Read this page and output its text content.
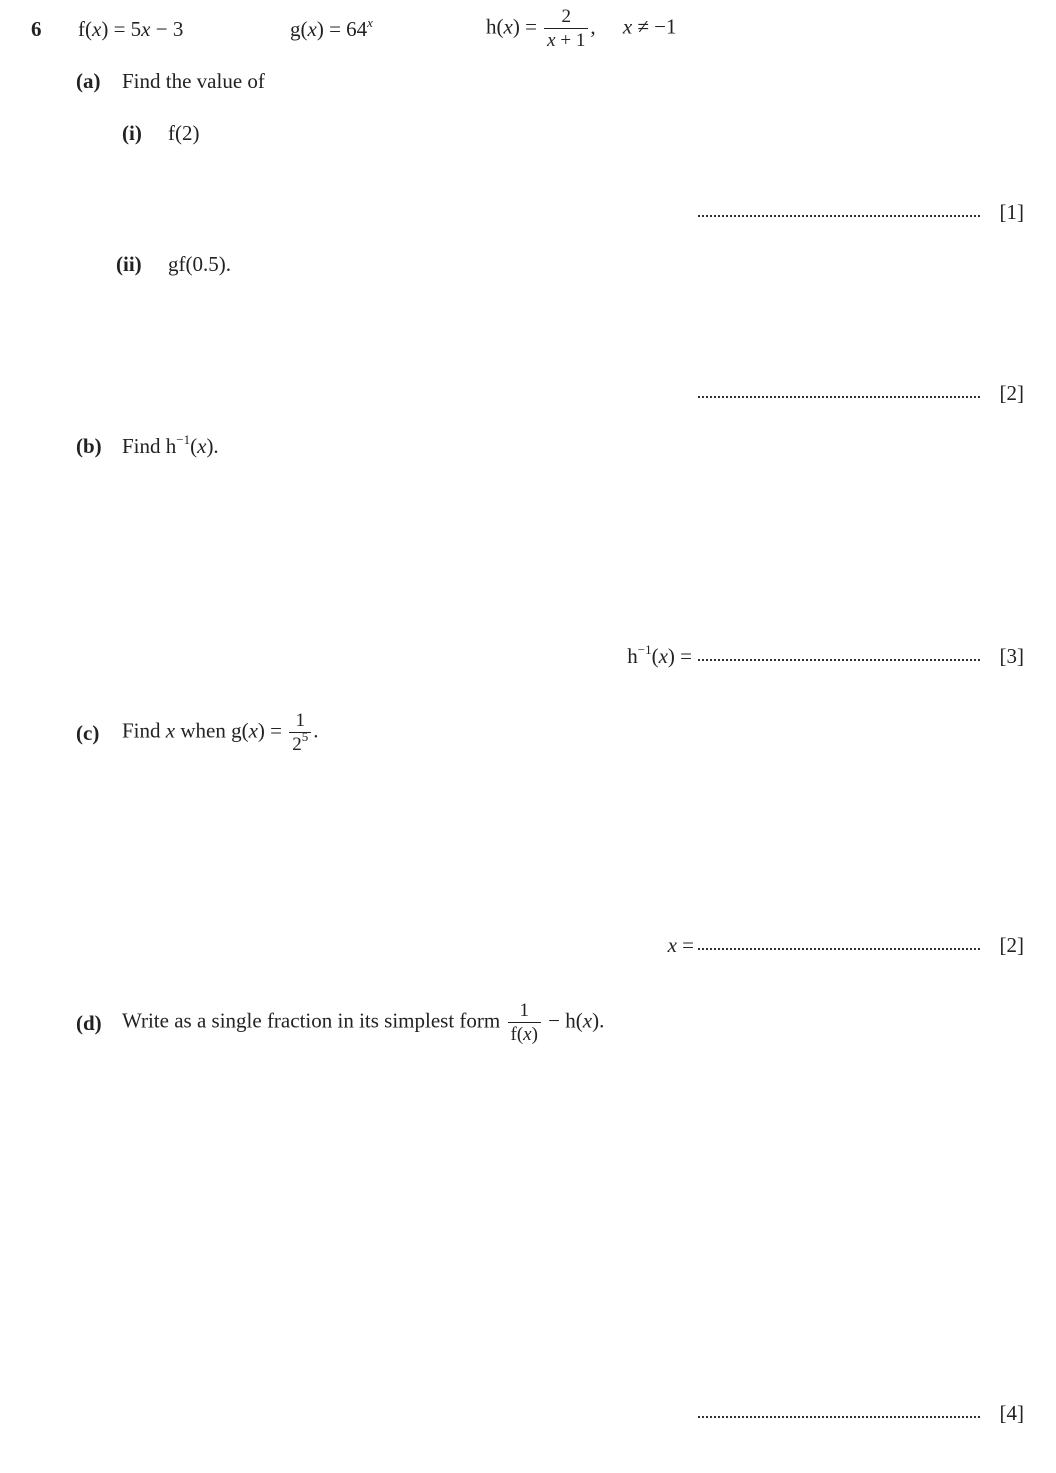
6 f(x) = 5x − 3	$g(x) = 64^x$	$h(x) = \frac{2}{x + 1}$ , x ≠ −1
(a) Find the value of
(i) f(2)
[1]
(ii) gf(0.5).
[2]
(b) Find $h^{-1}(x)$.
$h^{-1}(x)$ =	[3]
(c) Find x when $g(x) = \frac{1}{2^5}$ .
x =	[2]
(d) Write as a single fraction in its simplest form $\frac{1}{f(x)} - h(x)$.
[4]
